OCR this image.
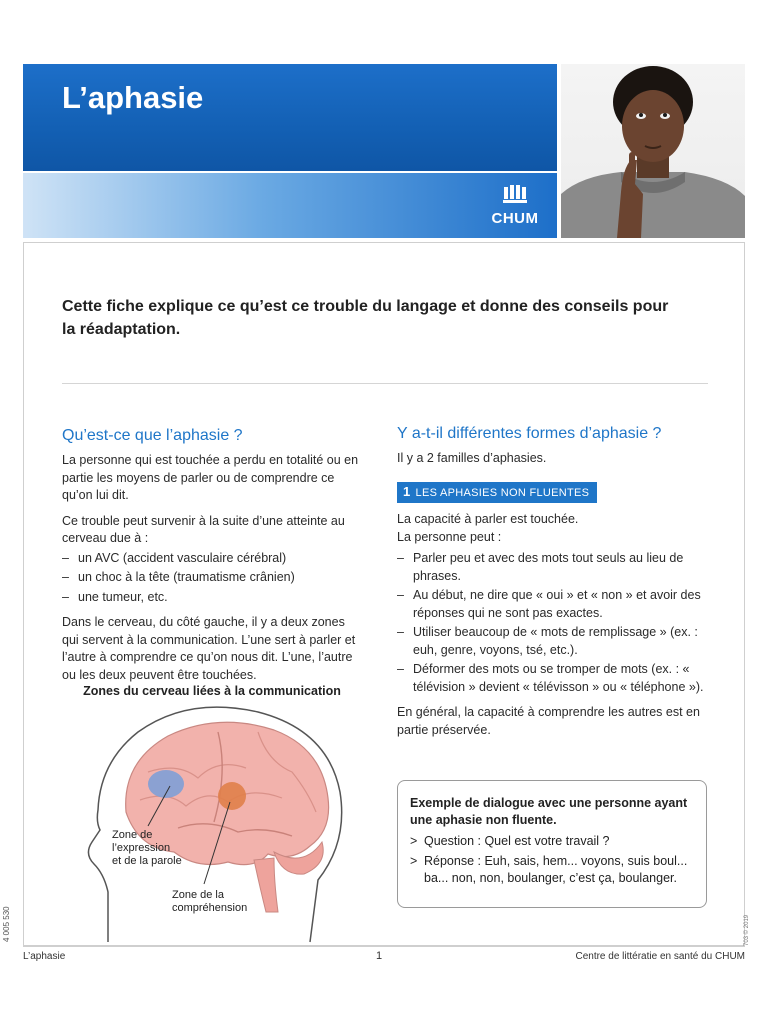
L’aphasie
CHUM

Cette fiche explique ce qu’est ce trouble du langage et donne des conseils pour la réadaptation.

Qu’est-ce que l’aphasie ?

La personne qui est touchée a perdu en totalité ou en partie les moyens de parler ou de comprendre ce qu’on lui dit.

Ce trouble peut survenir à la suite d’une atteinte au cerveau due à :

– un AVC (accident vasculaire cérébral)
– un choc à la tête (traumatisme crânien)
– une tumeur, etc.

Dans le cerveau, du côté gauche, il y a deux zones qui servent à la communication. L’une sert à parler et l’autre à comprendre ce qu’on nous dit. L’une, l’autre ou les deux peuvent être touchées.

Zones du cerveau liées à la communication
Zone de
l’expression
et de la parole
Zone de la
compréhension
Y a-t-il différentes formes d’aphasie ?

Il y a 2 familles d’aphasies.

1 LES APHASIES NON FLUENTES

La capacité à parler est touchée.

La personne peut :

– Parler peu et avec des mots tout seuls au lieu de phrases.
– Au début, ne dire que « oui » et « non » et avoir des réponses qui ne sont pas exactes.
– Utiliser beaucoup de « mots de remplissage » (ex. : euh, genre, voyons, tsé, etc.).
– Déformer des mots ou se tromper de mots (ex. : « télévision » devient « télévisson » ou « téléphone »).

En général, la capacité à comprendre les autres est en partie préservée.

Exemple de dialogue avec une personne ayant une aphasie non fluente.

> Question : Quel est votre travail ?
> Réponse : Euh, sais, hem... voyons, suis boul... ba... non, non, boulanger, c’est ça, boulanger.
4 005 530	703 © 2019
L’aphasie	1	Centre de littératie en santé du CHUM
